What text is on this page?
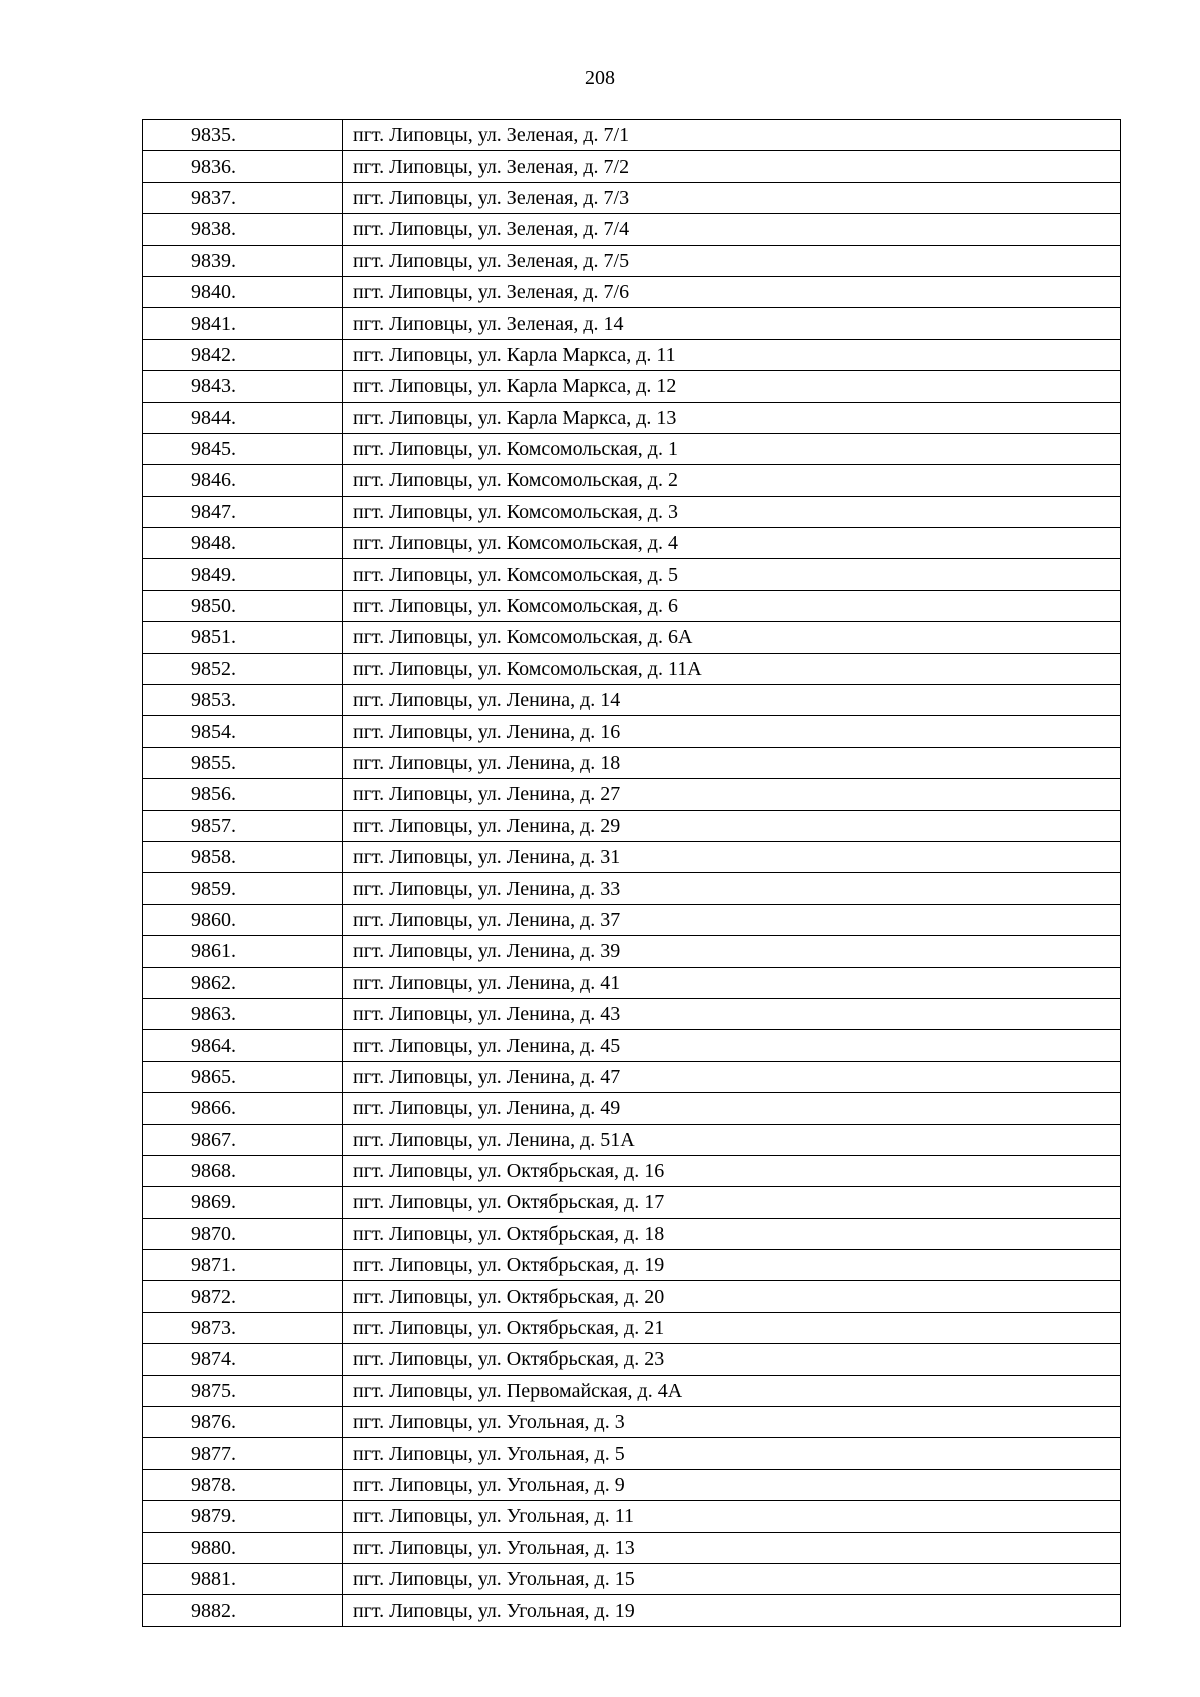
208
9835.	пгт. Липовцы, ул. Зеленая, д. 7/1
9836.	пгт. Липовцы, ул. Зеленая, д. 7/2
9837.	пгт. Липовцы, ул. Зеленая, д. 7/3
9838.	пгт. Липовцы, ул. Зеленая, д. 7/4
9839.	пгт. Липовцы, ул. Зеленая, д. 7/5
9840.	пгт. Липовцы, ул. Зеленая, д. 7/6
9841.	пгт. Липовцы, ул. Зеленая, д. 14
9842.	пгт. Липовцы, ул. Карла Маркса, д. 11
9843.	пгт. Липовцы, ул. Карла Маркса, д. 12
9844.	пгт. Липовцы, ул. Карла Маркса, д. 13
9845.	пгт. Липовцы, ул. Комсомольская, д. 1
9846.	пгт. Липовцы, ул. Комсомольская, д. 2
9847.	пгт. Липовцы, ул. Комсомольская, д. 3
9848.	пгт. Липовцы, ул. Комсомольская, д. 4
9849.	пгт. Липовцы, ул. Комсомольская, д. 5
9850.	пгт. Липовцы, ул. Комсомольская, д. 6
9851.	пгт. Липовцы, ул. Комсомольская, д. 6А
9852.	пгт. Липовцы, ул. Комсомольская, д. 11А
9853.	пгт. Липовцы, ул. Ленина, д. 14
9854.	пгт. Липовцы, ул. Ленина, д. 16
9855.	пгт. Липовцы, ул. Ленина, д. 18
9856.	пгт. Липовцы, ул. Ленина, д. 27
9857.	пгт. Липовцы, ул. Ленина, д. 29
9858.	пгт. Липовцы, ул. Ленина, д. 31
9859.	пгт. Липовцы, ул. Ленина, д. 33
9860.	пгт. Липовцы, ул. Ленина, д. 37
9861.	пгт. Липовцы, ул. Ленина, д. 39
9862.	пгт. Липовцы, ул. Ленина, д. 41
9863.	пгт. Липовцы, ул. Ленина, д. 43
9864.	пгт. Липовцы, ул. Ленина, д. 45
9865.	пгт. Липовцы, ул. Ленина, д. 47
9866.	пгт. Липовцы, ул. Ленина, д. 49
9867.	пгт. Липовцы, ул. Ленина, д. 51А
9868.	пгт. Липовцы, ул. Октябрьская, д. 16
9869.	пгт. Липовцы, ул. Октябрьская, д. 17
9870.	пгт. Липовцы, ул. Октябрьская, д. 18
9871.	пгт. Липовцы, ул. Октябрьская, д. 19
9872.	пгт. Липовцы, ул. Октябрьская, д. 20
9873.	пгт. Липовцы, ул. Октябрьская, д. 21
9874.	пгт. Липовцы, ул. Октябрьская, д. 23
9875.	пгт. Липовцы, ул. Первомайская, д. 4А
9876.	пгт. Липовцы, ул. Угольная, д. 3
9877.	пгт. Липовцы, ул. Угольная, д. 5
9878.	пгт. Липовцы, ул. Угольная, д. 9
9879.	пгт. Липовцы, ул. Угольная, д. 11
9880.	пгт. Липовцы, ул. Угольная, д. 13
9881.	пгт. Липовцы, ул. Угольная, д. 15
9882.	пгт. Липовцы, ул. Угольная, д. 19
